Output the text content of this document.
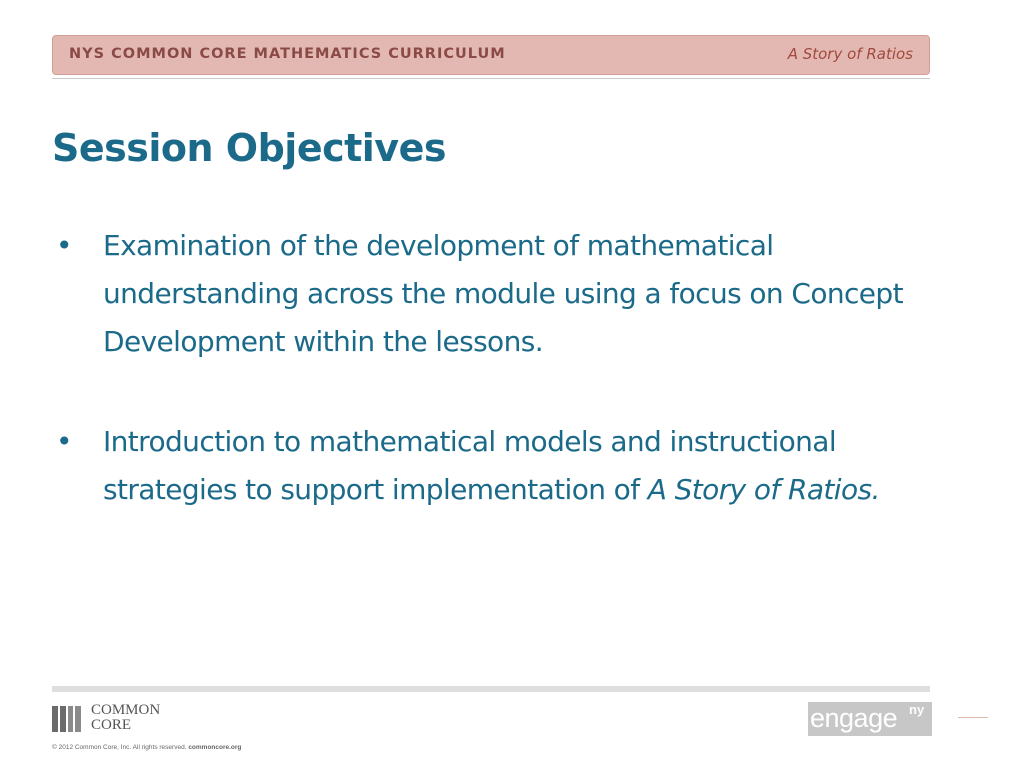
NYS COMMON CORE MATHEMATICS CURRICULUM	A Story of Ratios
Session Objectives
• Examination of the development of mathematical understanding across the module using a focus on Concept Development within the lessons.
• Introduction to mathematical models and instructional strategies to support implementation of A Story of Ratios.
COMMON
CORE
© 2012 Common Core, Inc. All rights reserved. commoncore.org
engage ny
